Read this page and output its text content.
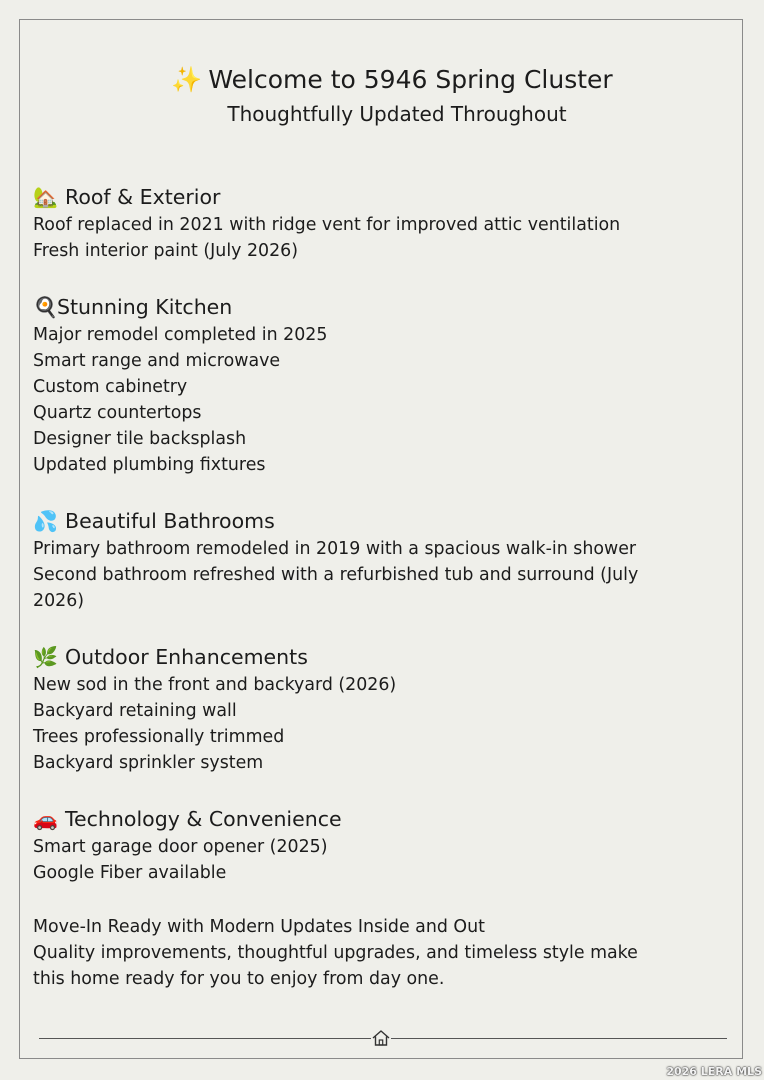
✨ Welcome to 5946 Spring Cluster
Thoughtfully Updated Throughout
🏡 Roof & Exterior
Roof replaced in 2021 with ridge vent for improved attic ventilation
Fresh interior paint (July 2026)
🍳 Stunning Kitchen
Major remodel completed in 2025
Smart range and microwave
Custom cabinetry
Quartz countertops
Designer tile backsplash
Updated plumbing fixtures
💦 Beautiful Bathrooms
Primary bathroom remodeled in 2019 with a spacious walk-in shower
Second bathroom refreshed with a refurbished tub and surround (July
2026)
🌿 Outdoor Enhancements
New sod in the front and backyard (2026)
Backyard retaining wall
Trees professionally trimmed
Backyard sprinkler system
🚗 Technology & Convenience
Smart garage door opener (2025)
Google Fiber available
Move-In Ready with Modern Updates Inside and Out
Quality improvements, thoughtful upgrades, and timeless style make
this home ready for you to enjoy from day one.
2026 LERA MLS
